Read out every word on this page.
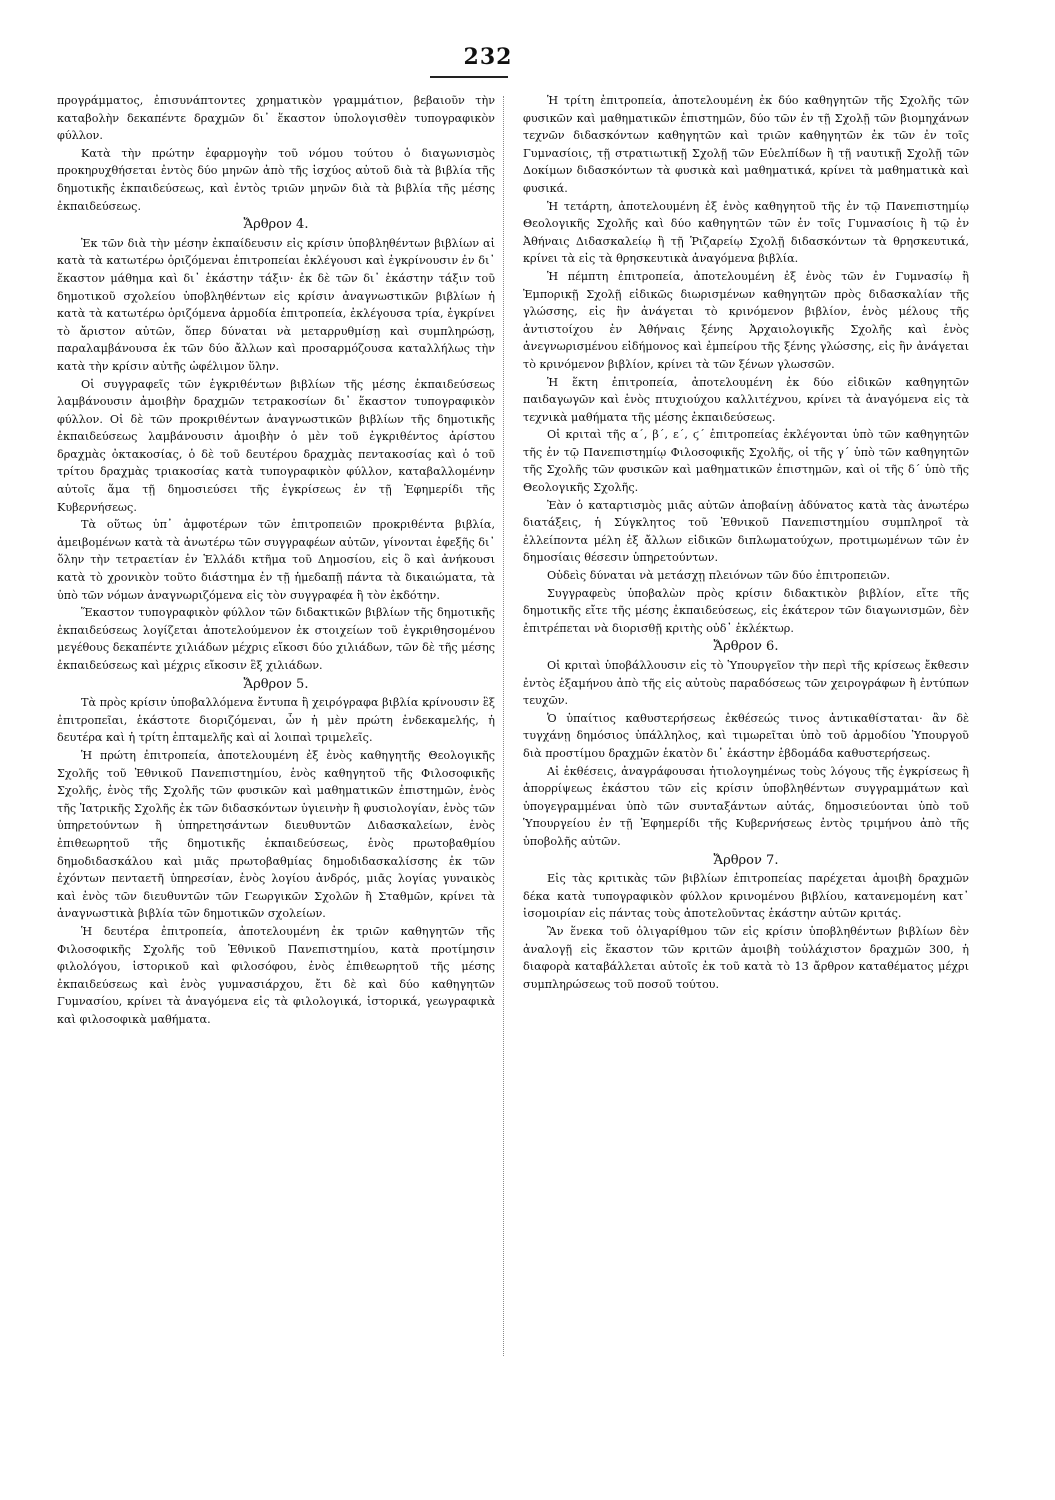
232

προγράμματος, ἐπισυνάπτοντες χρηματικὸν γραμμάτιον, βεβαιοῦν τὴν καταβολὴν δεκαπέντε δραχμῶν δι᾽ ἕκαστον ὑπολογισθὲν τυπογραφικὸν φύλλον.

Κατὰ τὴν πρώτην ἐφαρμογὴν τοῦ νόμου τούτου ὁ διαγωνισμὸς προκηρυχθήσεται ἐντὸς δύο μηνῶν ἀπὸ τῆς ἰσχύος αὐτοῦ διὰ τὰ βιβλία τῆς δημοτικῆς ἐκπαιδεύσεως, καὶ ἐντὸς τριῶν μηνῶν διὰ τὰ βιβλία τῆς μέσης ἐκπαιδεύσεως.

Ἄρθρον 4.

Ἐκ τῶν διὰ τὴν μέσην ἐκπαίδευσιν εἰς κρίσιν ὑποβληθέντων βιβλίων αἱ κατὰ τὰ κατωτέρω ὁριζόμεναι ἐπιτροπείαι ἐκλέγουσι καὶ ἐγκρίνουσιν ἐν δι᾽ ἕκαστον μάθημα καὶ δι᾽ ἑκάστην τάξιν· ἐκ δὲ τῶν δι᾽ ἑκάστην τάξιν τοῦ δημοτικοῦ σχολείου ὑποβληθέντων εἰς κρίσιν ἀναγνωστικῶν βιβλίων ἡ κατὰ τὰ κατωτέρω ὁριζόμενα ἁρμοδία ἐπιτροπεία, ἐκλέγουσα τρία, ἐγκρίνει τὸ ἄριστον αὐτῶν, ὅπερ δύναται νὰ μεταρρυθμίσῃ καὶ συμπληρώσῃ, παραλαμβάνουσα ἐκ τῶν δύο ἄλλων καὶ προσαρμόζουσα καταλλήλως τὴν κατὰ τὴν κρίσιν αὐτῆς ὠφέλιμον ὕλην.

Οἱ συγγραφεῖς τῶν ἐγκριθέντων βιβλίων τῆς μέσης ἐκπαιδεύσεως λαμβάνουσιν ἀμοιβὴν δραχμῶν τετρακοσίων δι᾽ ἕκαστον τυπογραφικὸν φύλλον. Οἱ δὲ τῶν προκριθέντων ἀναγνωστικῶν βιβλίων τῆς δημοτικῆς ἐκπαιδεύσεως λαμβάνουσιν ἀμοιβὴν ὁ μὲν τοῦ ἐγκριθέντος ἀρίστου δραχμὰς ὀκτακοσίας, ὁ δὲ τοῦ δευτέρου δραχμὰς πεντακοσίας καὶ ὁ τοῦ τρίτου δραχμὰς τριακοσίας κατὰ τυπογραφικὸν φύλλον, καταβαλλομένην αὐτοῖς ἅμα τῇ δημοσιεύσει τῆς ἐγκρίσεως ἐν τῇ Ἐφημερίδι τῆς Κυβερνήσεως.

Τὰ οὕτως ὑπ᾽ ἀμφοτέρων τῶν ἐπιτροπειῶν προκριθέντα βιβλία, ἀμειβομένων κατὰ τὰ ἀνωτέρω τῶν συγγραφέων αὐτῶν, γίνονται ἐφεξῆς δι᾽ ὅλην τὴν τετραετίαν ἐν Ἑλλάδι κτῆμα τοῦ Δημοσίου, εἰς ὃ καὶ ἀνήκουσι κατὰ τὸ χρονικὸν τοῦτο διάστημα ἐν τῇ ἡμεδαπῇ πάντα τὰ δικαιώματα, τὰ ὑπὸ τῶν νόμων ἀναγνωριζόμενα εἰς τὸν συγγραφέα ἢ τὸν ἐκδότην.

Ἕκαστον τυπογραφικὸν φύλλον τῶν διδακτικῶν βιβλίων τῆς δημοτικῆς ἐκπαιδεύσεως λογίζεται ἀποτελούμενον ἐκ στοιχείων τοῦ ἐγκριθησομένου μεγέθους δεκαπέντε χιλιάδων μέχρις εἴκοσι δύο χιλιάδων, τῶν δὲ τῆς μέσης ἐκπαιδεύσεως καὶ μέχρις εἴκοσιν ἓξ χιλιάδων.

Ἄρθρον 5.

Τὰ πρὸς κρίσιν ὑποβαλλόμενα ἔντυπα ἢ χειρόγραφα βιβλία κρίνουσιν ἓξ ἐπιτροπεῖαι, ἑκάστοτε διοριζόμεναι, ὧν ἡ μὲν πρώτη ἑνδεκαμελής, ἡ δευτέρα καὶ ἡ τρίτη ἑπταμελῆς καὶ αἱ λοιπαὶ τριμελεῖς.

Ἡ πρώτη ἐπιτροπεία, ἀποτελουμένη ἐξ ἑνὸς καθηγητῆς Θεολογικῆς Σχολῆς τοῦ Ἐθνικοῦ Πανεπιστημίου, ἑνὸς καθηγητοῦ τῆς Φιλοσοφικῆς Σχολῆς, ἑνὸς τῆς Σχολῆς τῶν φυσικῶν καὶ μαθηματικῶν ἐπιστημῶν, ἑνὸς τῆς Ἰατρικῆς Σχολῆς ἐκ τῶν διδασκόντων ὑγιεινὴν ἢ φυσιολογίαν, ἑνὸς τῶν ὑπηρετούντων ἢ ὑπηρετησάντων διευθυντῶν Διδασκαλείων, ἑνὸς ἐπιθεωρητοῦ τῆς δημοτικῆς ἐκπαιδεύσεως, ἑνὸς πρωτοβαθμίου δημοδιδασκάλου καὶ μιᾶς πρωτοβαθμίας δημοδιδασκαλίσσης ἐκ τῶν ἐχόντων πενταετῆ ὑπηρεσίαν, ἑνὸς λογίου ἀνδρός, μιᾶς λογίας γυναικὸς καὶ ἑνὸς τῶν διευθυντῶν τῶν Γεωργικῶν Σχολῶν ἢ Σταθμῶν, κρίνει τὰ ἀναγνωστικὰ βιβλία τῶν δημοτικῶν σχολείων.

Ἡ δευτέρα ἐπιτροπεία, ἀποτελουμένη ἐκ τριῶν καθηγητῶν τῆς Φιλοσοφικῆς Σχολῆς τοῦ Ἐθνικοῦ Πανεπιστημίου, κατὰ προτίμησιν φιλολόγου, ἱστορικοῦ καὶ φιλοσόφου, ἑνὸς ἐπιθεωρητοῦ τῆς μέσης ἐκπαιδεύσεως καὶ ἑνὸς γυμνασιάρχου, ἔτι δὲ καὶ δύο καθηγητῶν Γυμνασίου, κρίνει τὰ ἀναγόμενα εἰς τὰ φιλολογικά, ἱστορικά, γεωγραφικὰ καὶ φιλοσοφικὰ μαθήματα.

Ἡ τρίτη ἐπιτροπεία, ἀποτελουμένη ἐκ δύο καθηγητῶν τῆς Σχολῆς τῶν φυσικῶν καὶ μαθηματικῶν ἐπιστημῶν, δύο τῶν ἐν τῇ Σχολῇ τῶν βιομηχάνων τεχνῶν διδασκόντων καθηγητῶν καὶ τριῶν καθηγητῶν ἐκ τῶν ἐν τοῖς Γυμνασίοις, τῇ στρατιωτικῇ Σχολῇ τῶν Εὐελπίδων ἢ τῇ ναυτικῇ Σχολῇ τῶν Δοκίμων διδασκόντων τὰ φυσικὰ καὶ μαθηματικά, κρίνει τὰ μαθηματικὰ καὶ φυσικά.

Ἡ τετάρτη, ἀποτελουμένη ἐξ ἑνὸς καθηγητοῦ τῆς ἐν τῷ Πανεπιστημίῳ Θεολογικῆς Σχολῆς καὶ δύο καθηγητῶν τῶν ἐν τοῖς Γυμνασίοις ἢ τῷ ἐν Ἀθήναις Διδασκαλείῳ ἢ τῇ Ῥιζαρείῳ Σχολῇ διδασκόντων τὰ θρησκευτικά, κρίνει τὰ εἰς τὰ θρησκευτικὰ ἀναγόμενα βιβλία.

Ἡ πέμπτη ἐπιτροπεία, ἀποτελουμένη ἐξ ἑνὸς τῶν ἐν Γυμνασίῳ ἢ Ἐμπορικῇ Σχολῇ εἰδικῶς διωρισμένων καθηγητῶν πρὸς διδασκαλίαν τῆς γλώσσης, εἰς ἣν ἀνάγεται τὸ κρινόμενον βιβλίον, ἑνὸς μέλους τῆς ἀντιστοίχου ἐν Ἀθήναις ξένης Ἀρχαιολογικῆς Σχολῆς καὶ ἑνὸς ἀνεγνωρισμένου εἰδήμονος καὶ ἐμπείρου τῆς ξένης γλώσσης, εἰς ἣν ἀνάγεται τὸ κρινόμενον βιβλίον, κρίνει τὰ τῶν ξένων γλωσσῶν.

Ἡ ἕκτη ἐπιτροπεία, ἀποτελουμένη ἐκ δύο εἰδικῶν καθηγητῶν παιδαγωγῶν καὶ ἑνὸς πτυχιούχου καλλιτέχνου, κρίνει τὰ ἀναγόμενα εἰς τὰ τεχνικὰ μαθήματα τῆς μέσης ἐκπαιδεύσεως.

Οἱ κριταὶ τῆς α΄, β΄, ε΄, ϛ΄ ἐπιτροπείας ἐκλέγονται ὑπὸ τῶν καθηγητῶν τῆς ἐν τῷ Πανεπιστημίῳ Φιλοσοφικῆς Σχολῆς, οἱ τῆς γ΄ ὑπὸ τῶν καθηγητῶν τῆς Σχολῆς τῶν φυσικῶν καὶ μαθηματικῶν ἐπιστημῶν, καὶ οἱ τῆς δ΄ ὑπὸ τῆς Θεολογικῆς Σχολῆς.

Ἐὰν ὁ καταρτισμὸς μιᾶς αὐτῶν ἀποβαίνῃ ἀδύνατος κατὰ τὰς ἀνωτέρω διατάξεις, ἡ Σύγκλητος τοῦ Ἐθνικοῦ Πανεπιστημίου συμπληροῖ τὰ ἐλλείποντα μέλη ἐξ ἄλλων εἰδικῶν διπλωματούχων, προτιμωμένων τῶν ἐν δημοσίαις θέσεσιν ὑπηρετούντων.

Οὐδεὶς δύναται νὰ μετάσχῃ πλειόνων τῶν δύο ἐπιτροπειῶν.

Συγγραφεὺς ὑποβαλὼν πρὸς κρίσιν διδακτικὸν βιβλίον, εἴτε τῆς δημοτικῆς εἴτε τῆς μέσης ἐκπαιδεύσεως, εἰς ἑκάτερον τῶν διαγωνισμῶν, δὲν ἐπιτρέπεται νὰ διορισθῇ κριτὴς οὐδ᾽ ἐκλέκτωρ.

Ἄρθρον 6.

Οἱ κριταὶ ὑποβάλλουσιν εἰς τὸ Ὑπουργεῖον τὴν περὶ τῆς κρίσεως ἔκθεσιν ἐντὸς ἑξαμήνου ἀπὸ τῆς εἰς αὐτοὺς παραδόσεως τῶν χειρογράφων ἢ ἐντύπων τευχῶν.

Ὁ ὑπαίτιος καθυστερήσεως ἐκθέσεώς τινος ἀντικαθίσταται· ἂν δὲ τυγχάνῃ δημόσιος ὑπάλληλος, καὶ τιμωρεῖται ὑπὸ τοῦ ἁρμοδίου Ὑπουργοῦ διὰ προστίμου δραχμῶν ἑκατὸν δι᾽ ἑκάστην ἑβδομάδα καθυστερήσεως.

Αἱ ἐκθέσεις, ἀναγράφουσαι ἠτιολογημένως τοὺς λόγους τῆς ἐγκρίσεως ἢ ἀπορρίψεως ἑκάστου τῶν εἰς κρίσιν ὑποβληθέντων συγγραμμάτων καὶ ὑπογεγραμμέναι ὑπὸ τῶν συνταξάντων αὐτάς, δημοσιεύονται ὑπὸ τοῦ Ὑπουργείου ἐν τῇ Ἐφημερίδι τῆς Κυβερνήσεως ἐντὸς τριμήνου ἀπὸ τῆς ὑποβολῆς αὐτῶν.

Ἄρθρον 7.

Εἰς τὰς κριτικὰς τῶν βιβλίων ἐπιτροπείας παρέχεται ἀμοιβὴ δραχμῶν δέκα κατὰ τυπογραφικὸν φύλλον κρινομένου βιβλίου, κατανεμομένη κατ᾽ ἰσομοιρίαν εἰς πάντας τοὺς ἀποτελοῦντας ἑκάστην αὐτῶν κριτάς.

Ἂν ἕνεκα τοῦ ὀλιγαρίθμου τῶν εἰς κρίσιν ὑποβληθέντων βιβλίων δὲν ἀναλογῇ εἰς ἕκαστον τῶν κριτῶν ἀμοιβὴ τοὐλάχιστον δραχμῶν 300, ἡ διαφορὰ καταβάλλεται αὐτοῖς ἐκ τοῦ κατὰ τὸ 13 ἄρθρον καταθέματος μέχρι συμπληρώσεως τοῦ ποσοῦ τούτου.
